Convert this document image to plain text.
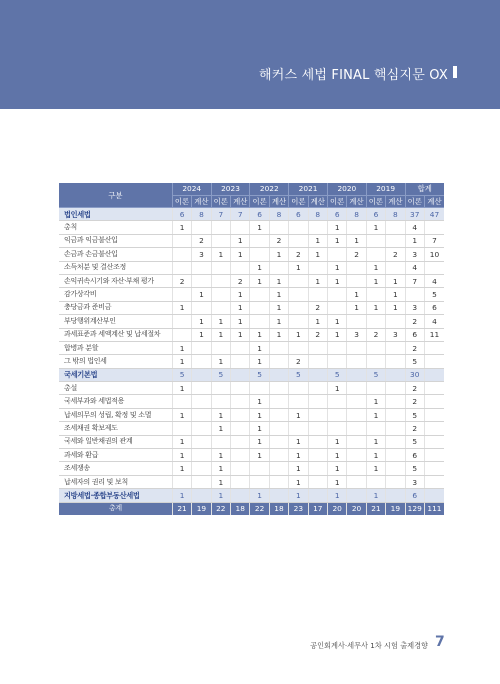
해커스 세법 FINAL 핵심지문 OX
구분	2024		2023		2022		2021		2020		2019		합계	
	이론	계산	이론	계산	이론	계산	이론	계산	이론	계산	이론	계산	이론	계산
법인세법	6	8	7	7	6	8	6	8	6	8	6	8	37	47
총칙	1				1				1		1		4	
익금과 익금불산입		2		1		2		1	1	1			1	7
손금과 손금불산입		3	1	1		1	2	1		2		2	3	10
소득처분 및 결산조정					1		1		1		1		4	
손익귀속시기와 자산·부채 평가	2			2	1	1		1	1		1	1	7	4
감가상각비		1		1		1				1		1		5
충당금과 준비금	1			1		1		2		1	1	1	3	6
부당행위계산부인		1	1	1		1		1	1				2	4
과세표준과 세액계산 및 납세절차		1	1	1	1	1	1	2	1	3	2	3	6	11
합병과 분할	1				1								2	
그 밖의 법인세	1		1		1		2						5	
국세기본법	5		5		5		5		5		5		30	
총설	1								1				2	
국세부과와 세법적용					1						1		2	
납세의무의 성립, 확정 및 소멸	1		1		1		1				1		5	
조세채권 확보제도			1		1								2	
국세와 일반채권의 관계	1				1		1		1		1		5	
과세와 환급	1		1		1		1		1		1		6	
조세쟁송	1		1				1		1		1		5	
납세자의 권리 및 보칙			1				1		1				3	
지방세법·종합부동산세법	1		1		1		1		1		1		6	
총계	21	19	22	18	22	18	23	17	20	20	21	19	129	111
공인회계사·세무사 1차 시험 출제경향 7
